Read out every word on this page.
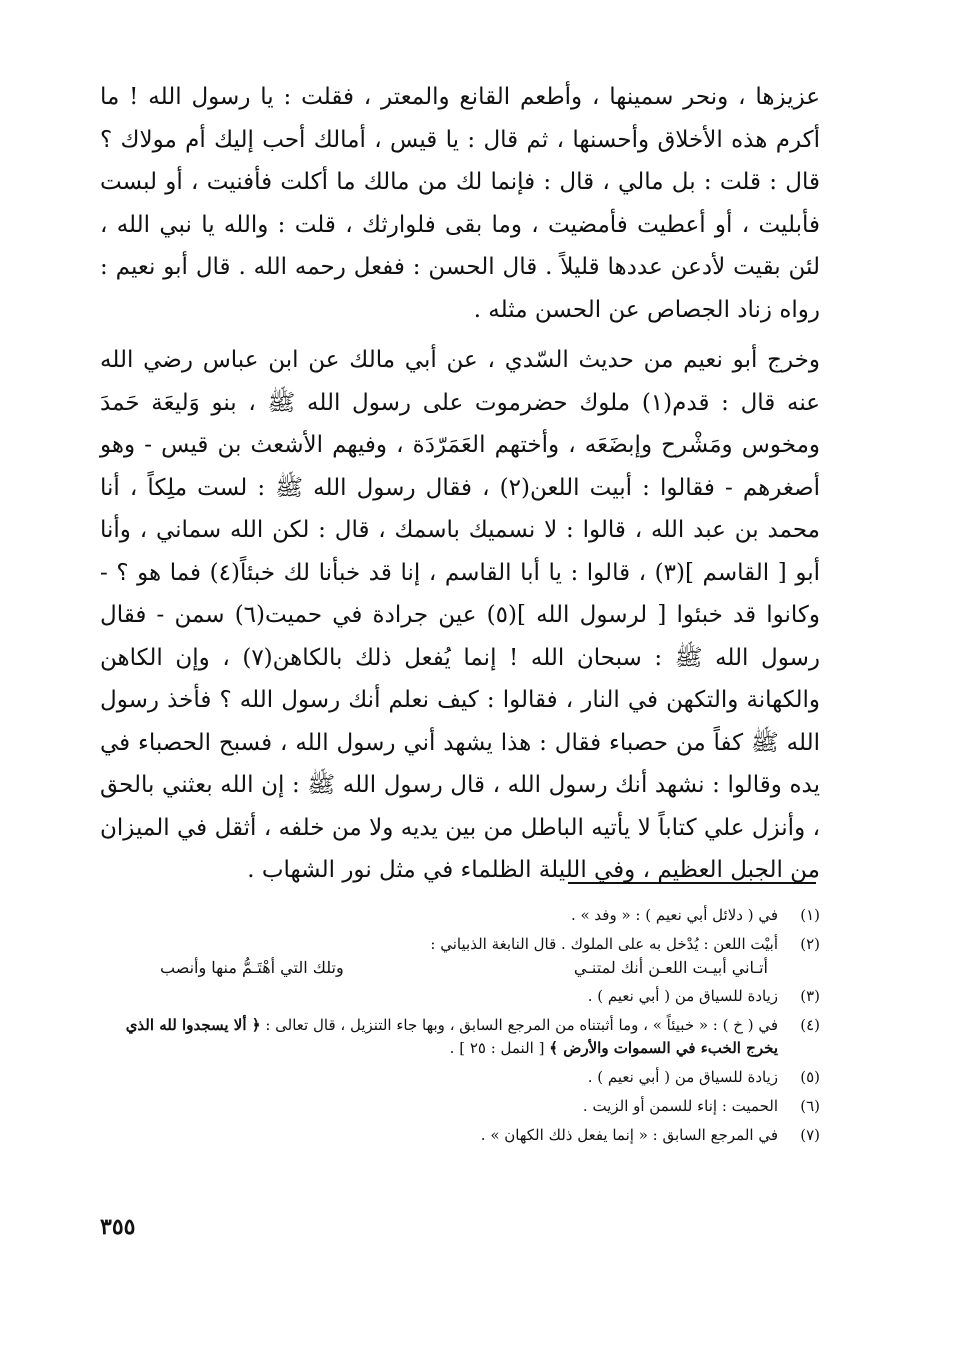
عزيزها ، ونحر سمينها ، وأطعم القانع والمعتر ، فقلت : يا رسول الله ! ما أكرم هذه الأخلاق وأحسنها ، ثم قال : يا قيس ، أمالك أحب إليك أم مولاك ؟ قال : قلت : بل مالي ، قال : فإنما لك من مالك ما أكلت فأفنيت ، أو لبست فأبليت ، أو أعطيت فأمضيت ، وما بقى فلوارثك ، قلت : والله يا نبي الله ، لئن بقيت لأدعن عددها قليلاً . قال الحسن : ففعل رحمه الله . قال أبو نعيم : رواه زناد الجصاص عن الحسن مثله .

وخرج أبو نعيم من حديث السّدي ، عن أبي مالك عن ابن عباس رضي الله عنه قال : قدم(١) ملوك حضرموت على رسول الله ﷺ ، بنو وَليعَة حَمدَ ومخوس ومَشْرح وإبضَعَه ، وأختهم العَمَرّدَة ، وفيهم الأشعث بن قيس - وهو أصغرهم - فقالوا : أبيت اللعن(٢) ، فقال رسول الله ﷺ : لست ملِكاً ، أنا محمد بن عبد الله ، قالوا : لا نسميك باسمك ، قال : لكن الله سماني ، وأنا أبو [ القاسم ](٣) ، قالوا : يا أبا القاسم ، إنا قد خبأنا لك خبئاً(٤) فما هو ؟ - وكانوا قد خبئوا [ لرسول الله ](٥) عين جرادة في حميت(٦) سمن - فقال رسول الله ﷺ : سبحان الله ! إنما يُفعل ذلك بالكاهن(٧) ، وإن الكاهن والكهانة والتكهن في النار ، فقالوا : كيف نعلم أنك رسول الله ؟ فأخذ رسول الله ﷺ كفاً من حصباء فقال : هذا يشهد أني رسول الله ، فسبح الحصباء في يده وقالوا : نشهد أنك رسول الله ، قال رسول الله ﷺ : إن الله بعثني بالحق ، وأنزل علي كتاباً لا يأتيه الباطل من بين يديه ولا من خلفه ، أثقل في الميزان من الجبل العظيم ، وفي الليلة الظلماء في مثل نور الشهاب .

(١)
في ( دلائل أبي نعيم ) : « وفد » .
(٢)
أبيْت اللعن : يُدْخل به على الملوك . قال النابغة الذبياني :
أتـاني أبيـت اللعـن أنك لمتنـي
وتلك التي أهْتَـمُّ منها وأنصب
(٣)
زيادة للسياق من ( أبي نعيم ) .
(٤)
في ( خ ) : « خبيئاً » ، وما أثبتناه من المرجع السابق ، وبها جاء التنزيل ، قال تعالى : ﴿ ألا يسجدوا لله الذي يخرج الخبء في السموات والأرض ﴾ [ النمل : ٢٥ ] .
(٥)
زيادة للسياق من ( أبي نعيم ) .
(٦)
الحميت : إناء للسمن أو الزيت .
(٧)
في المرجع السابق : « إنما يفعل ذلك الكهان » .
٣٥٥
